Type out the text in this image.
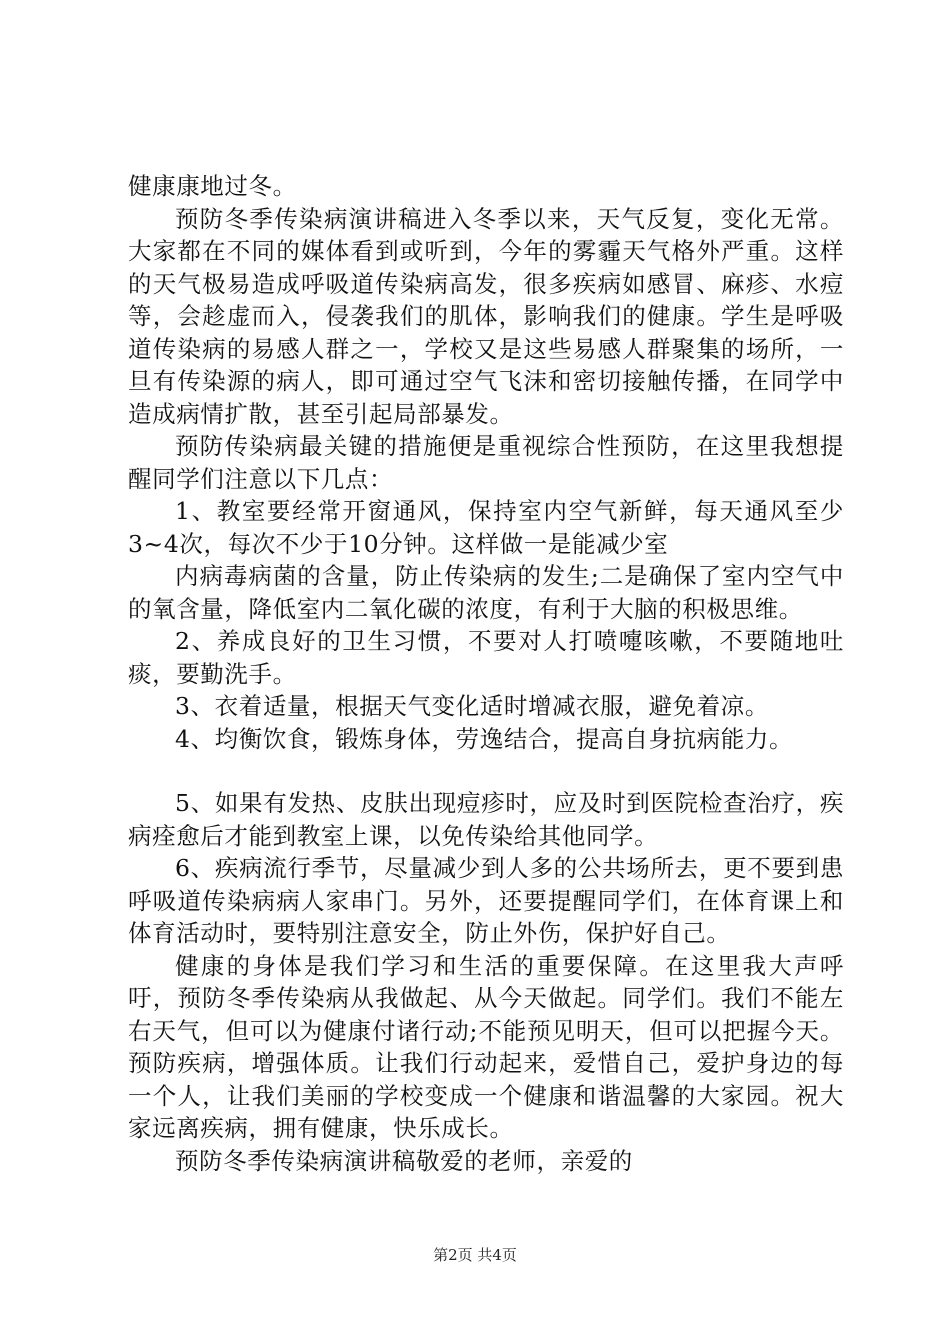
健康康地过冬。

预防冬季传染病演讲稿进入冬季以来，天气反复，变化无常。大家都在不同的媒体看到或听到，今年的雾霾天气格外严重。这样的天气极易造成呼吸道传染病高发，很多疾病如感冒、麻疹、水痘等，会趁虚而入，侵袭我们的肌体，影响我们的健康。学生是呼吸道传染病的易感人群之一，学校又是这些易感人群聚集的场所，一旦有传染源的病人，即可通过空气飞沫和密切接触传播，在同学中造成病情扩散，甚至引起局部暴发。

预防传染病最关键的措施便是重视综合性预防，在这里我想提醒同学们注意以下几点：

1、教室要经常开窗通风，保持室内空气新鲜，每天通风至少3~4次，每次不少于10分钟。这样做一是能减少室

内病毒病菌的含量，防止传染病的发生;二是确保了室内空气中的氧含量，降低室内二氧化碳的浓度，有利于大脑的积极思维。

2、养成良好的卫生习惯，不要对人打喷嚏咳嗽，不要随地吐痰，要勤洗手。

3、衣着适量，根据天气变化适时增减衣服，避免着凉。

4、均衡饮食，锻炼身体，劳逸结合，提高自身抗病能力。

5、如果有发热、皮肤出现痘疹时，应及时到医院检查治疗，疾病痊愈后才能到教室上课，以免传染给其他同学。

6、疾病流行季节，尽量减少到人多的公共场所去，更不要到患呼吸道传染病病人家串门。另外，还要提醒同学们，在体育课上和体育活动时，要特别注意安全，防止外伤，保护好自己。

健康的身体是我们学习和生活的重要保障。在这里我大声呼吁，预防冬季传染病从我做起、从今天做起。同学们。我们不能左右天气，但可以为健康付诸行动;不能预见明天，但可以把握今天。预防疾病，增强体质。让我们行动起来，爱惜自己，爱护身边的每一个人，让我们美丽的学校变成一个健康和谐温馨的大家园。祝大家远离疾病，拥有健康，快乐成长。

预防冬季传染病演讲稿敬爱的老师，亲爱的

第2页 共4页
